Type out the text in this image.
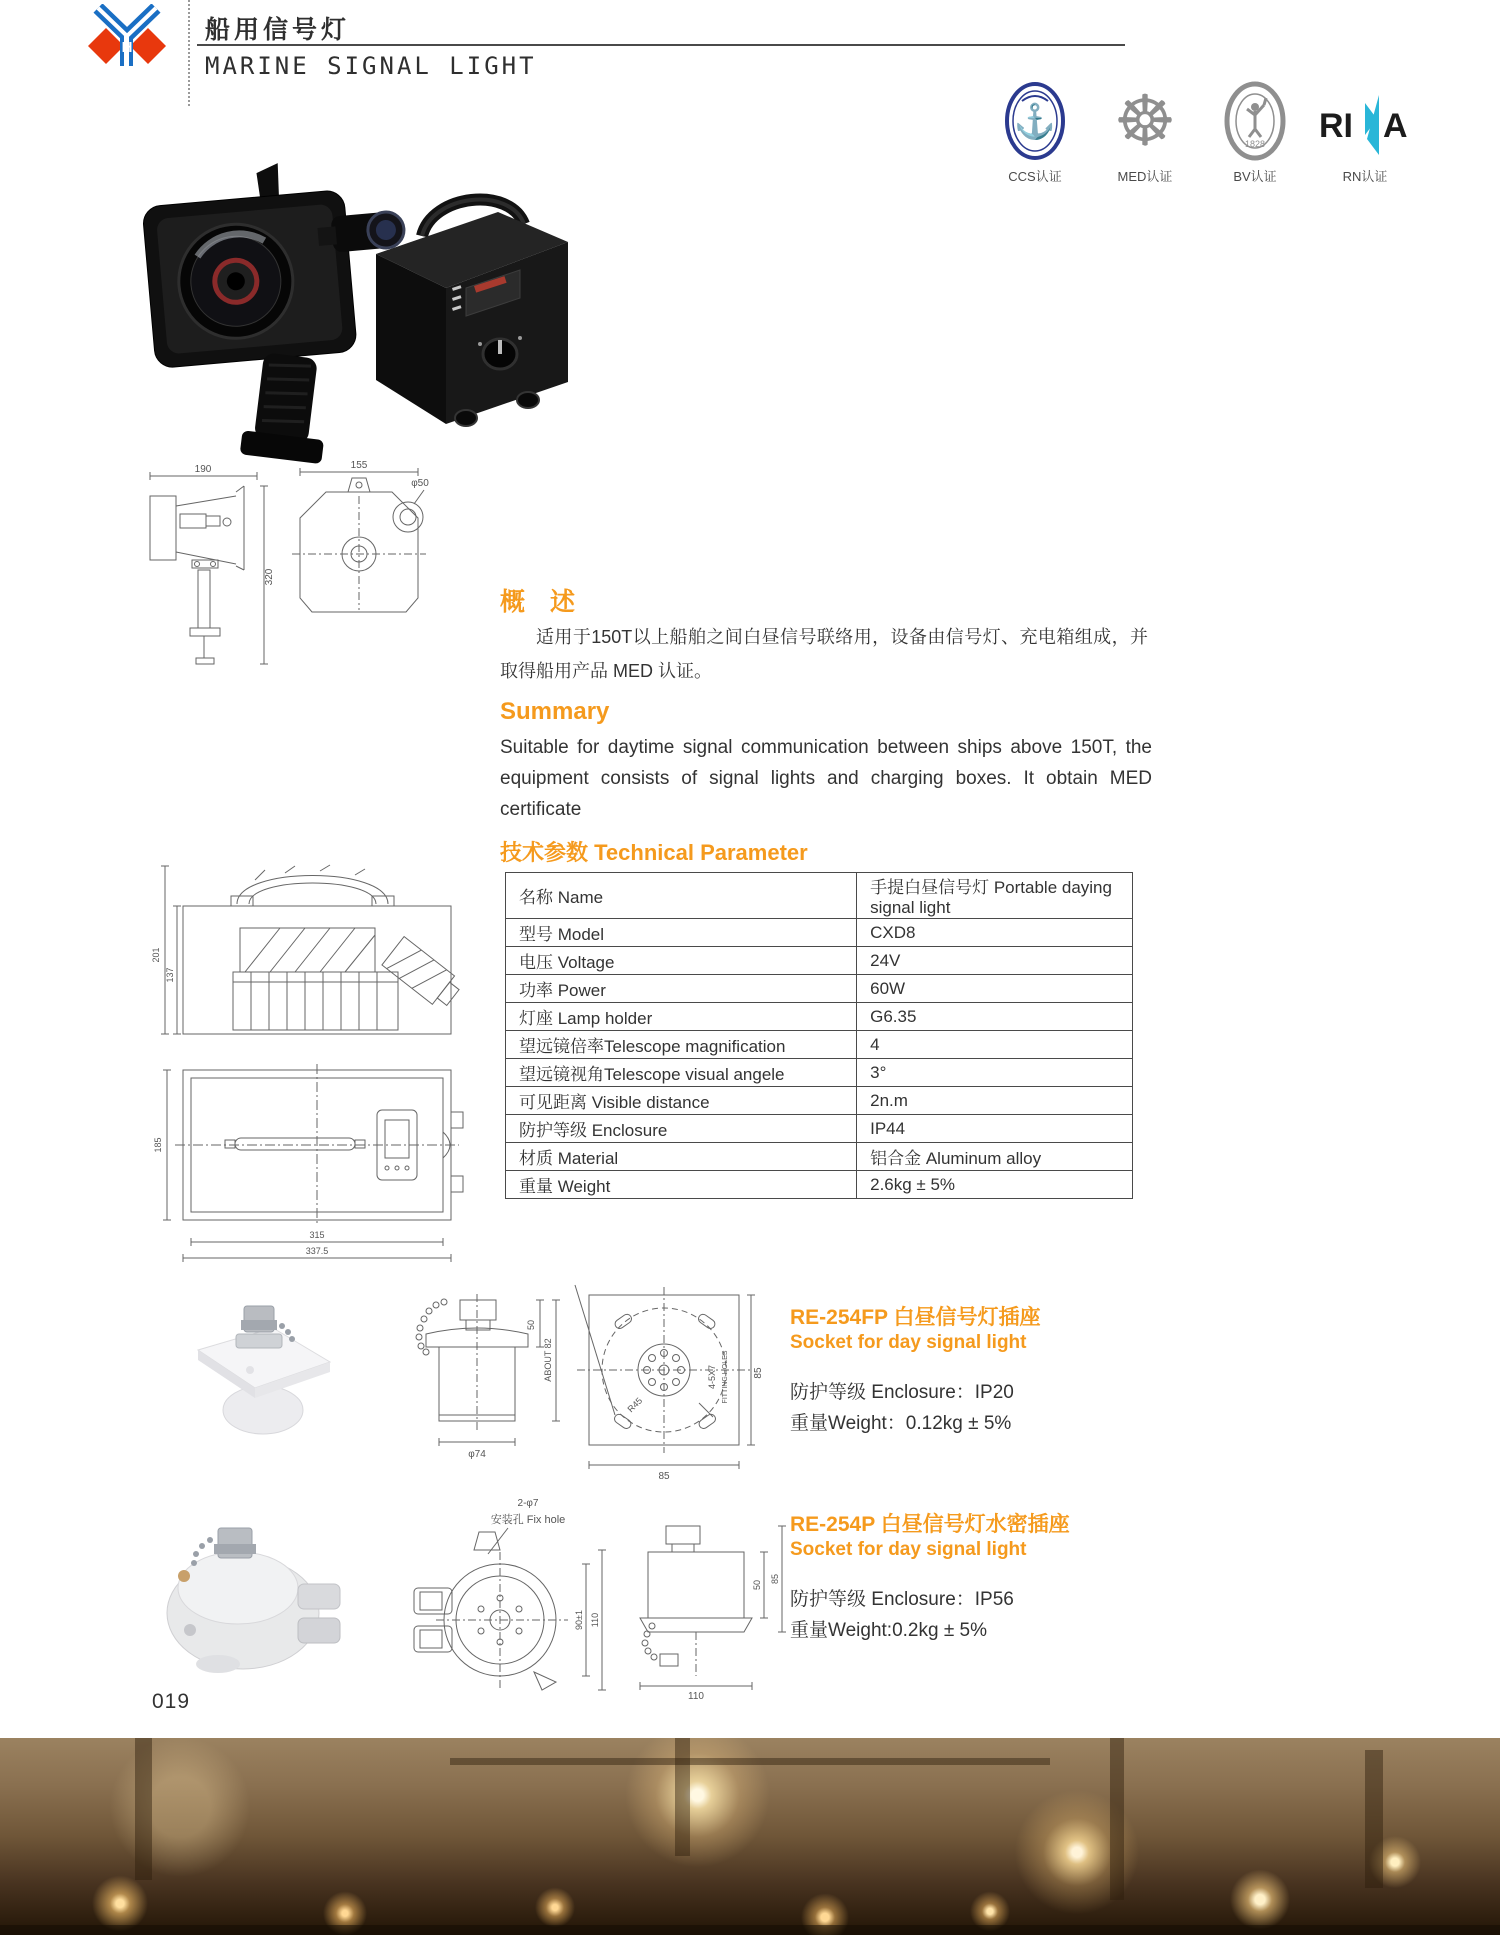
H
船用信号灯
MARINE SIGNAL LIGHT
⚓
CCS认证
☸
MED认证
1828
BV认证
RI A
RN认证
190
320
155
φ50
概　述
适用于150T以上船舶之间白昼信号联络用，设备由信号灯、充电箱组成，并取得船用产品 MED 认证。
Summary
Suitable for daytime signal communication between ships above 150T, the equipment consists of signal lights and charging boxes. It obtain MED certificate
技术参数 Technical Parameter
名称 Name	手提白昼信号灯 Portable daying signal light
型号 Model	CXD8
电压 Voltage	24V
功率 Power	60W
灯座 Lamp holder	G6.35
望远镜倍率Telescope magnification	4
望远镜视角Telescope visual angele	3°
可见距离 Visible distance	2n.m
防护等级 Enclosure	IP44
材质 Material	铝合金 Aluminum alloy
重量 Weight	2.6kg ± 5%
201
137
185
315
337.5
50
ABOUT 82
φ74
4-5X7 FITTING HOLES
R45
85
85
RE-254FP 白昼信号灯插座
Socket for day signal light
防护等级 Enclosure：IP20
重量Weight：0.12kg ± 5%
2-φ7
安装孔 Fix hole
90±1 110
50
85
110
RE-254P 白昼信号灯水密插座
Socket for day signal light
防护等级 Enclosure：IP56
重量Weight:0.2kg ± 5%
019
